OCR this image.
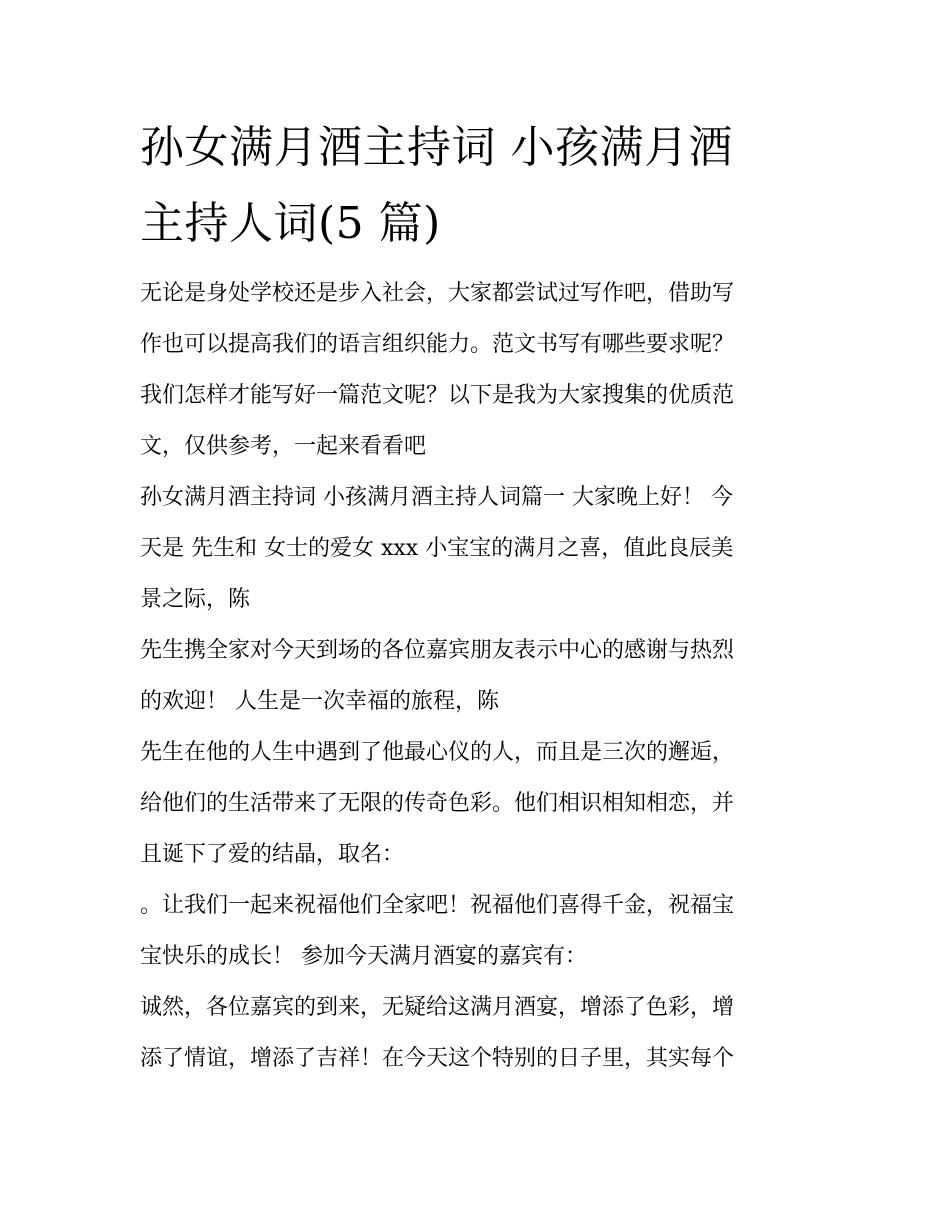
孙女满月酒主持词 小孩满月酒
主持人词(5 篇)

无论是身处学校还是步入社会，大家都尝试过写作吧，借助写
作也可以提高我们的语言组织能力。范文书写有哪些要求呢？
我们怎样才能写好一篇范文呢？以下是我为大家搜集的优质范
文，仅供参考，一起来看看吧

孙女满月酒主持词 小孩满月酒主持人词篇一 大家晚上好！ 今
天是 先生和 女士的爱女 xxx 小宝宝的满月之喜，值此良辰美
景之际，陈

先生携全家对今天到场的各位嘉宾朋友表示中心的感谢与热烈
的欢迎！ 人生是一次幸福的旅程，陈

先生在他的人生中遇到了他最心仪的人，而且是三次的邂逅，
给他们的生活带来了无限的传奇色彩。他们相识相知相恋，并
且诞下了爱的结晶，取名：

。让我们一起来祝福他们全家吧！祝福他们喜得千金，祝福宝
宝快乐的成长！ 参加今天满月酒宴的嘉宾有：

诚然，各位嘉宾的到来，无疑给这满月酒宴，增添了色彩，增
添了情谊，增添了吉祥！在今天这个特别的日子里，其实每个
